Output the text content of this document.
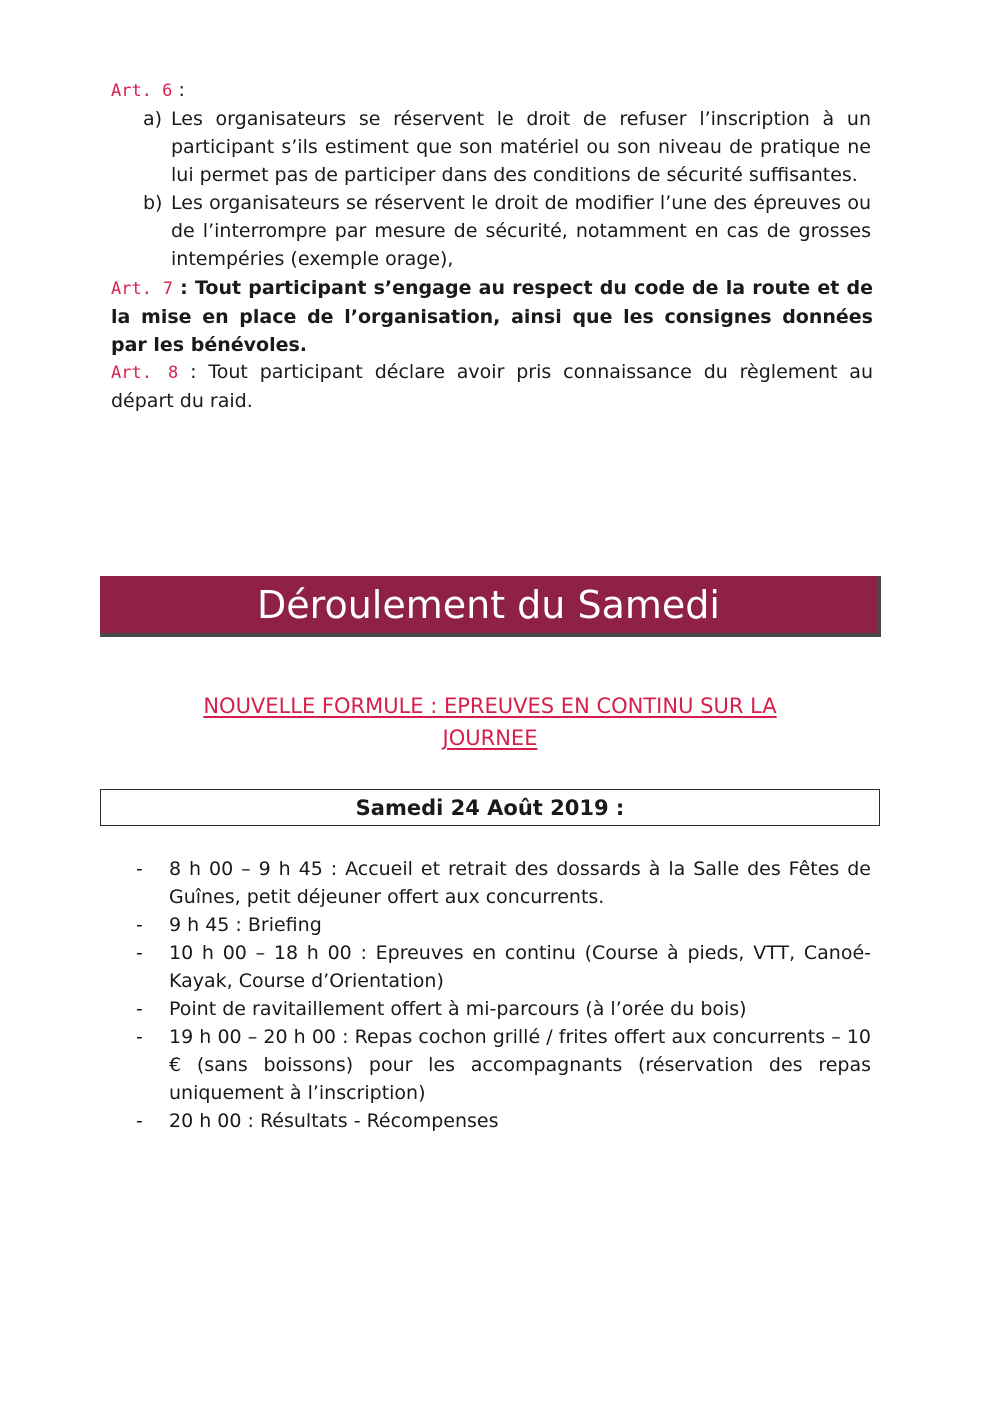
Art. 6 :
a) Les organisateurs se réservent le droit de refuser l’inscription à un participant s’ils estiment que son matériel ou son niveau de pratique ne lui permet pas de participer dans des conditions de sécurité suffisantes.
b) Les organisateurs se réservent le droit de modifier l’une des épreuves ou de l’interrompre par mesure de sécurité, notamment en cas de grosses intempéries (exemple orage),
Art. 7 : Tout participant s’engage au respect du code de la route et de la mise en place de l’organisation, ainsi que les consignes données par les bénévoles.
Art. 8 : Tout participant déclare avoir pris connaissance du règlement au départ du raid.
Déroulement du Samedi
NOUVELLE FORMULE : EPREUVES EN CONTINU SUR LA
JOURNEE
Samedi 24 Août 2019 :
-	8 h 00 – 9 h 45 : Accueil et retrait des dossards à la Salle des Fêtes de Guînes, petit déjeuner offert aux concurrents.
-	9 h 45 : Briefing
-	10 h 00 – 18 h 00 : Epreuves en continu (Course à pieds, VTT, Canoé-Kayak, Course d’Orientation)
-	Point de ravitaillement offert à mi-parcours (à l’orée du bois)
-	19 h 00 – 20 h 00 : Repas cochon grillé / frites offert aux concurrents – 10 € (sans boissons) pour les accompagnants (réservation des repas uniquement à l’inscription)
-	20 h 00 : Résultats - Récompenses
